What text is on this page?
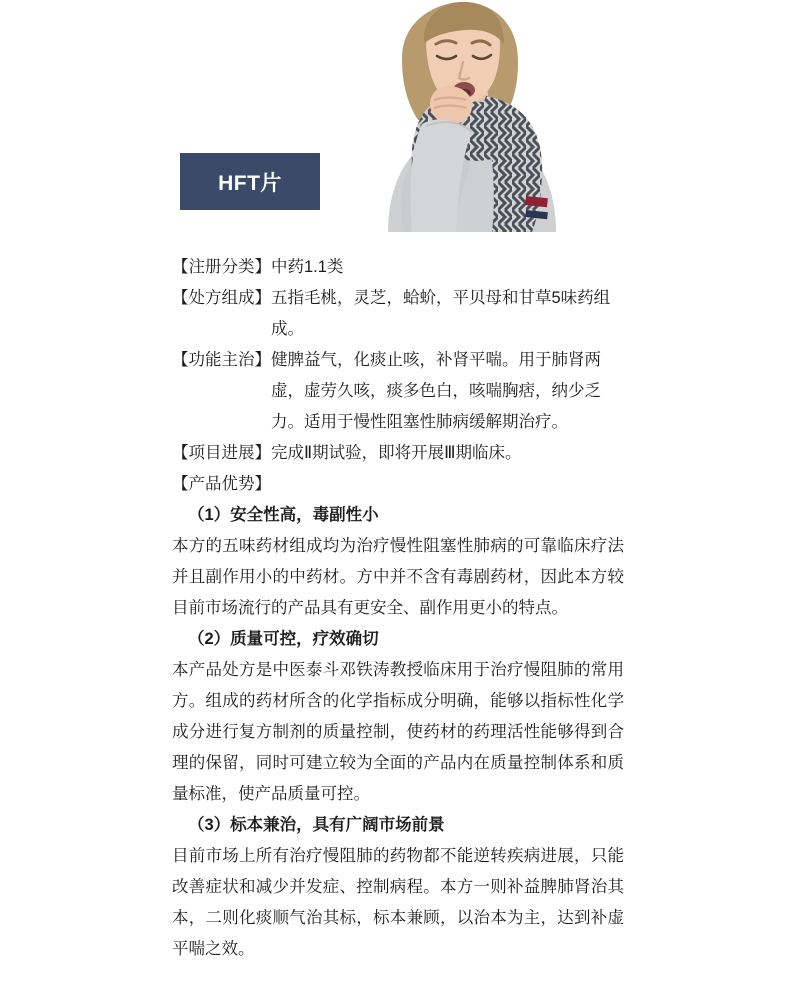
HFT片
【注册分类】 中药1.1类
【处方组成】 五指毛桃，灵芝，蛤蚧，平贝母和甘草5味药组成。
【功能主治】 健脾益气，化痰止咳，补肾平喘。用于肺肾两虚，虚劳久咳，痰多色白，咳喘胸痞，纳少乏力。适用于慢性阻塞性肺病缓解期治疗。
【项目进展】 完成Ⅱ期试验，即将开展Ⅲ期临床。
【产品优势】
（1）安全性高，毒副性小
本方的五味药材组成均为治疗慢性阻塞性肺病的可靠临床疗法并且副作用小的中药材。方中并不含有毒剧药材，因此本方较目前市场流行的产品具有更安全、副作用更小的特点。
（2）质量可控，疗效确切
本产品处方是中医泰斗邓铁涛教授临床用于治疗慢阻肺的常用方。组成的药材所含的化学指标成分明确，能够以指标性化学成分进行复方制剂的质量控制，使药材的药理活性能够得到合理的保留，同时可建立较为全面的产品内在质量控制体系和质量标准，使产品质量可控。
（3）标本兼治，具有广阔市场前景
目前市场上所有治疗慢阻肺的药物都不能逆转疾病进展，只能改善症状和减少并发症、控制病程。本方一则补益脾肺肾治其本，二则化痰顺气治其标，标本兼顾，以治本为主，达到补虚平喘之效。
